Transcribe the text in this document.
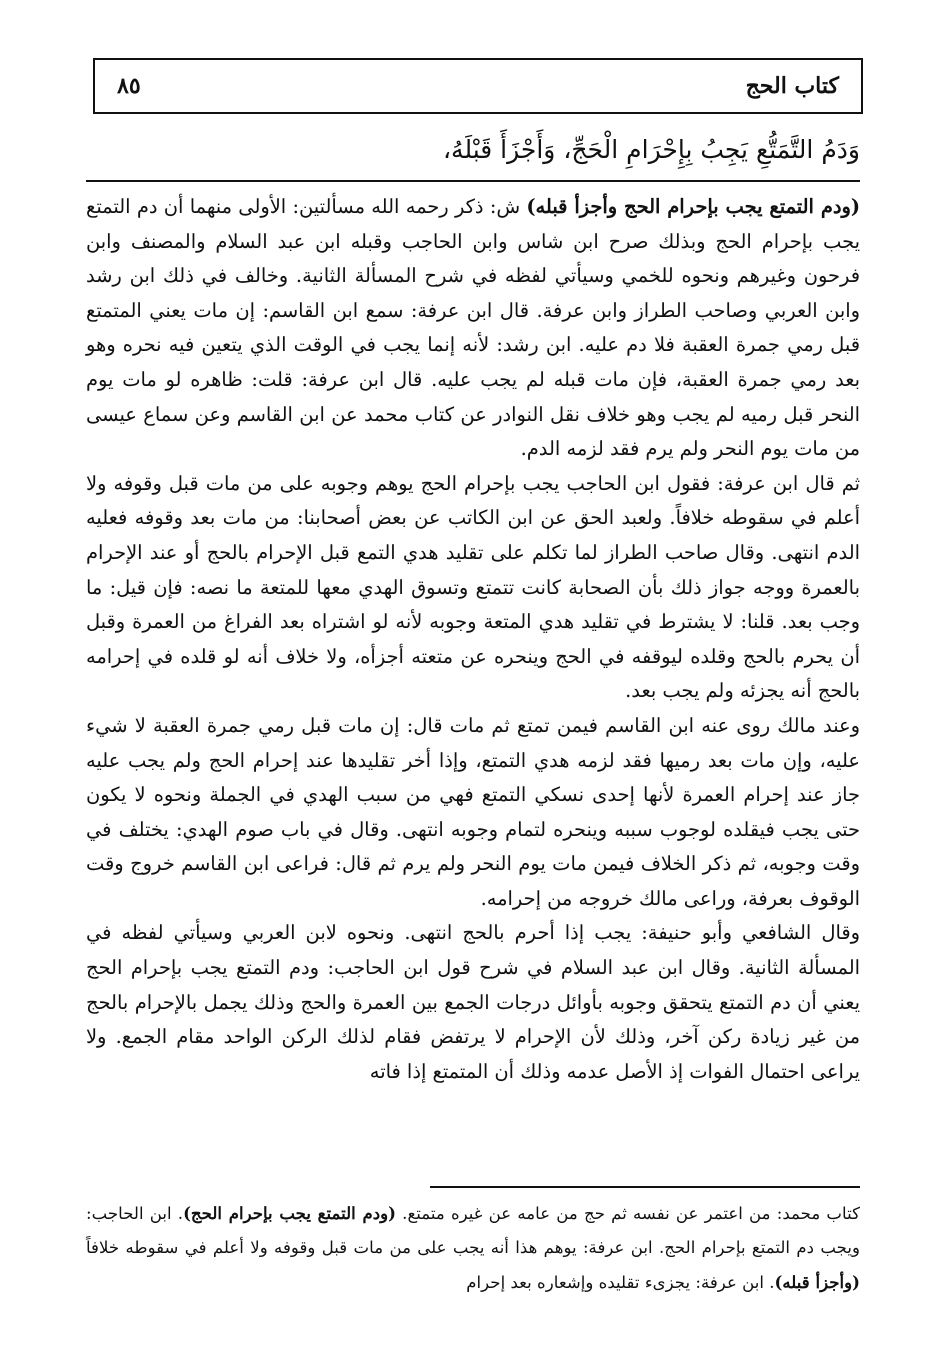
كتاب الحج
٨٥
وَدَمُ التَّمَتُّعِ يَجِبُ بِإِحْرَامِ الْحَجِّ، وَأَجْزَأَ قَبْلَهُ،

(ودم التمتع يجب بإحرام الحج وأجزأ قبله) ش: ذكر رحمه الله مسألتين: الأولى منهما أن دم التمتع يجب بإحرام الحج وبذلك صرح ابن شاس وابن الحاجب وقبله ابن عبد السلام والمصنف وابن فرحون وغيرهم ونحوه للخمي وسيأتي لفظه في شرح المسألة الثانية. وخالف في ذلك ابن رشد وابن العربي وصاحب الطراز وابن عرفة. قال ابن عرفة: سمع ابن القاسم: إن مات يعني المتمتع قبل رمي جمرة العقبة فلا دم عليه. ابن رشد: لأنه إنما يجب في الوقت الذي يتعين فيه نحره وهو بعد رمي جمرة العقبة، فإن مات قبله لم يجب عليه. قال ابن عرفة: قلت: ظاهره لو مات يوم النحر قبل رميه لم يجب وهو خلاف نقل النوادر عن كتاب محمد عن ابن القاسم وعن سماع عيسى من مات يوم النحر ولم يرم فقد لزمه الدم.

ثم قال ابن عرفة: فقول ابن الحاجب يجب بإحرام الحج يوهم وجوبه على من مات قبل وقوفه ولا أعلم في سقوطه خلافاً. ولعبد الحق عن ابن الكاتب عن بعض أصحابنا: من مات بعد وقوفه فعليه الدم انتهى. وقال صاحب الطراز لما تكلم على تقليد هدي التمع قبل الإحرام بالحج أو عند الإحرام بالعمرة ووجه جواز ذلك بأن الصحابة كانت تتمتع وتسوق الهدي معها للمتعة ما نصه: فإن قيل: ما وجب بعد. قلنا: لا يشترط في تقليد هدي المتعة وجوبه لأنه لو اشتراه بعد الفراغ من العمرة وقبل أن يحرم بالحج وقلده ليوقفه في الحج وينحره عن متعته أجزأه، ولا خلاف أنه لو قلده في إحرامه بالحج أنه يجزئه ولم يجب بعد.

وعند مالك روى عنه ابن القاسم فيمن تمتع ثم مات قال: إن مات قبل رمي جمرة العقبة لا شيء عليه، وإن مات بعد رميها فقد لزمه هدي التمتع، وإذا أخر تقليدها عند إحرام الحج ولم يجب عليه جاز عند إحرام العمرة لأنها إحدى نسكي التمتع فهي من سبب الهدي في الجملة ونحوه لا يكون حتى يجب فيقلده لوجوب سببه وينحره لتمام وجوبه انتهى. وقال في باب صوم الهدي: يختلف في وقت وجوبه، ثم ذكر الخلاف فيمن مات يوم النحر ولم يرم ثم قال: فراعى ابن القاسم خروج وقت الوقوف بعرفة، وراعى مالك خروجه من إحرامه.

وقال الشافعي وأبو حنيفة: يجب إذا أحرم بالحج انتهى. ونحوه لابن العربي وسيأتي لفظه في المسألة الثانية. وقال ابن عبد السلام في شرح قول ابن الحاجب: ودم التمتع يجب بإحرام الحج يعني أن دم التمتع يتحقق وجوبه بأوائل درجات الجمع بين العمرة والحج وذلك يجمل بالإحرام بالحج من غير زيادة ركن آخر، وذلك لأن الإحرام لا يرتفض فقام لذلك الركن الواحد مقام الجمع. ولا يراعى احتمال الفوات إذ الأصل عدمه وذلك أن المتمتع إذا فاته

كتاب محمد: من اعتمر عن نفسه ثم حج من عامه عن غيره متمتع. (ودم التمتع يجب بإحرام الحج). ابن الحاجب: ويجب دم التمتع بإحرام الحج. ابن عرفة: يوهم هذا أنه يجب على من مات قبل وقوفه ولا أعلم في سقوطه خلافاً (وأجزأ قبله). ابن عرفة: يجزىء تقليده وإشعاره بعد إحرام
